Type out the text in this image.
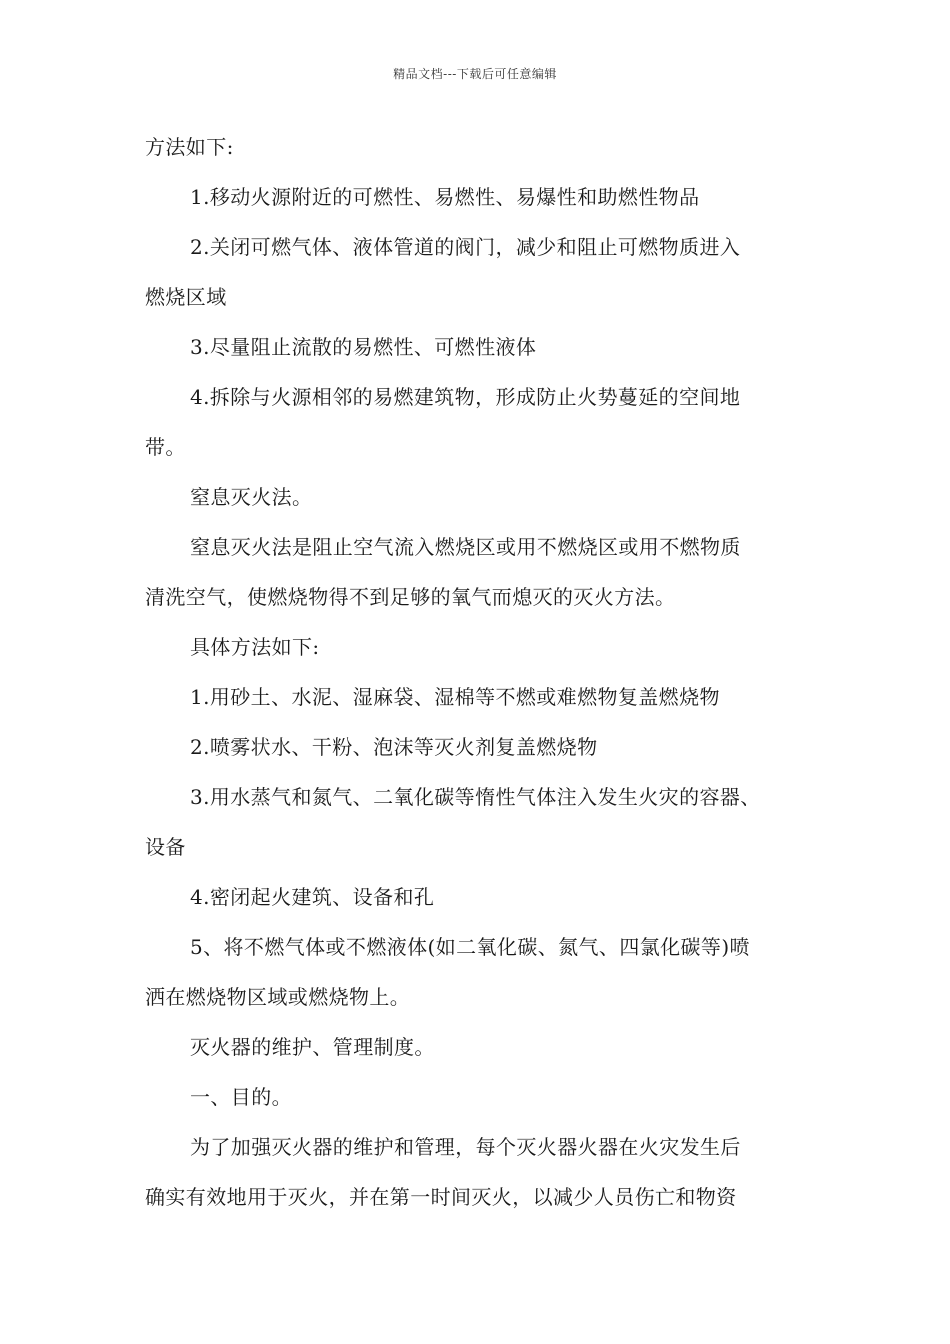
精品文档---下载后可任意编辑
方法如下:
1.移动火源附近的可燃性、易燃性、易爆性和助燃性物品
2.关闭可燃气体、液体管道的阀门，减少和阻止可燃物质进入
燃烧区域
3.尽量阻止流散的易燃性、可燃性液体
4.拆除与火源相邻的易燃建筑物，形成防止火势蔓延的空间地
带。
窒息灭火法。
窒息灭火法是阻止空气流入燃烧区或用不燃烧区或用不燃物质
清洗空气，使燃烧物得不到足够的氧气而熄灭的灭火方法。
具体方法如下:
1.用砂土、水泥、湿麻袋、湿棉等不燃或难燃物复盖燃烧物
2.喷雾状水、干粉、泡沫等灭火剂复盖燃烧物
3.用水蒸气和氮气、二氧化碳等惰性气体注入发生火灾的容器、
设备
4.密闭起火建筑、设备和孔
5、将不燃气体或不燃液体(如二氧化碳、氮气、四氯化碳等)喷
洒在燃烧物区域或燃烧物上。
灭火器的维护、管理制度。
一、目的。
为了加强灭火器的维护和管理，每个灭火器火器在火灾发生后
确实有效地用于灭火，并在第一时间灭火，以减少人员伤亡和物资
